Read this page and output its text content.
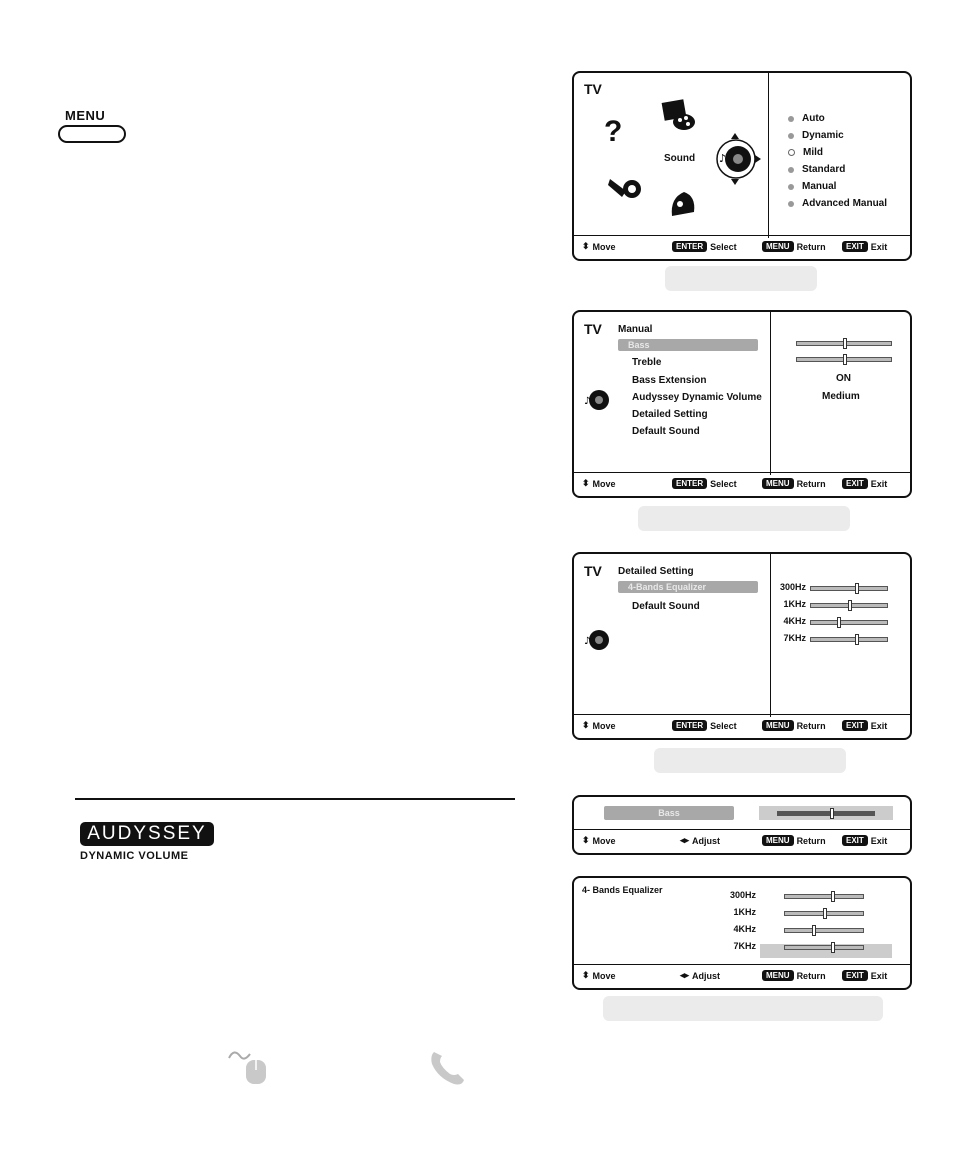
MENU
TV
?
Sound ♪
Auto
Dynamic
Mild
Standard
Manual
Advanced Manual
⬍ Move	ENTER Select	MENU Return	EXIT Exit
TV Manual
Bass
Treble
Bass Extension
Audyssey Dynamic Volume
Detailed Setting
Default Sound
♪
ON
Medium
⬍ Move	ENTER Select	MENU Return	EXIT Exit
TV Detailed Setting
4-Bands Equalizer
Default Sound
♪
300Hz
1KHz
4KHz
7KHz
⬍ Move	ENTER Select	MENU Return	EXIT Exit
AUDYSSEY
DYNAMIC VOLUME
Bass
⬍ Move	◂▸ Adjust	MENU Return	EXIT Exit
4- Bands Equalizer	300Hz
1KHz
4KHz
7KHz
⬍ Move	◂▸ Adjust	MENU Return	EXIT Exit
